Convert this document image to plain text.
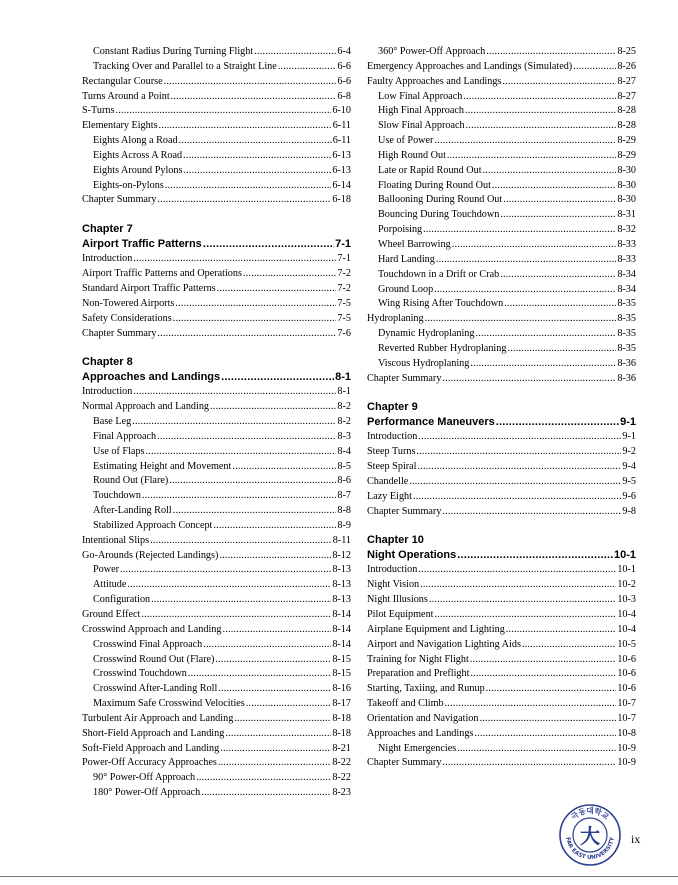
Constant Radius During Turning Flight .....	6-4
Tracking Over and Parallel to a Straight Line .....	6-6
Rectangular Course .....	6-6
Turns Around a Point .....	6-8
S-Turns .....	6-10
Elementary Eights .....	6-11
Eights Along a Road .....	6-11
Eights Across A Road .....	6-13
Eights Around Pylons .....	6-13
Eights-on-Pylons .....	6-14
Chapter Summary .....	6-18
Chapter 7
Airport Traffic Patterns .....	7-1
Introduction .....	7-1
Airport Traffic Patterns and Operations .....	7-2
Standard Airport Traffic Patterns .....	7-2
Non-Towered Airports .....	7-5
Safety Considerations .....	7-5
Chapter Summary .....	7-6
Chapter 8
Approaches and Landings .....	8-1
Introduction .....	8-1
Normal Approach and Landing .....	8-2
Base Leg .....	8-2
Final Approach .....	8-3
Use of Flaps .....	8-4
Estimating Height and Movement .....	8-5
Round Out (Flare) .....	8-6
Touchdown .....	8-7
After-Landing Roll .....	8-8
Stabilized Approach Concept .....	8-9
Intentional Slips .....	8-11
Go-Arounds (Rejected Landings) .....	8-12
Power .....	8-13
Attitude .....	8-13
Configuration .....	8-13
Ground Effect .....	8-14
Crosswind Approach and Landing .....	8-14
Crosswind Final Approach .....	8-14
Crosswind Round Out (Flare) .....	8-15
Crosswind Touchdown .....	8-15
Crosswind After-Landing Roll .....	8-16
Maximum Safe Crosswind Velocities .....	8-17
Turbulent Air Approach and Landing .....	8-18
Short-Field Approach and Landing .....	8-18
Soft-Field Approach and Landing .....	8-21
Power-Off Accuracy Approaches .....	8-22
90° Power-Off Approach .....	8-22
180° Power-Off Approach .....	8-23
360° Power-Off Approach .....	8-25
Emergency Approaches and Landings (Simulated) .....	8-26
Faulty Approaches and Landings .....	8-27
Low Final Approach .....	8-27
High Final Approach .....	8-28
Slow Final Approach .....	8-28
Use of Power .....	8-29
High Round Out .....	8-29
Late or Rapid Round Out .....	8-30
Floating During Round Out .....	8-30
Ballooning During Round Out .....	8-30
Bouncing During Touchdown .....	8-31
Porpoising .....	8-32
Wheel Barrowing .....	8-33
Hard Landing .....	8-33
Touchdown in a Drift or Crab .....	8-34
Ground Loop .....	8-34
Wing Rising After Touchdown .....	8-35
Hydroplaning .....	8-35
Dynamic Hydroplaning .....	8-35
Reverted Rubber Hydroplaning .....	8-35
Viscous Hydroplaning .....	8-36
Chapter Summary .....	8-36
Chapter 9
Performance Maneuvers .....	9-1
Introduction .....	9-1
Steep Turns .....	9-2
Steep Spiral .....	9-4
Chandelle .....	9-5
Lazy Eight .....	9-6
Chapter Summary .....	9-8
Chapter 10
Night Operations .....	10-1
Introduction .....	10-1
Night Vision .....	10-2
Night Illusions .....	10-3
Pilot Equipment .....	10-4
Airplane Equipment and Lighting .....	10-4
Airport and Navigation Lighting Aids .....	10-5
Training for Night Flight .....	10-6
Preparation and Preflight .....	10-6
Starting, Taxiing, and Runup .....	10-6
Takeoff and Climb .....	10-7
Orientation and Navigation .....	10-7
Approaches and Landings .....	10-8
Night Emergencies .....	10-9
Chapter Summary .....	10-9
극동대학교
FAR EAST UNIVERSITY
大	ix
